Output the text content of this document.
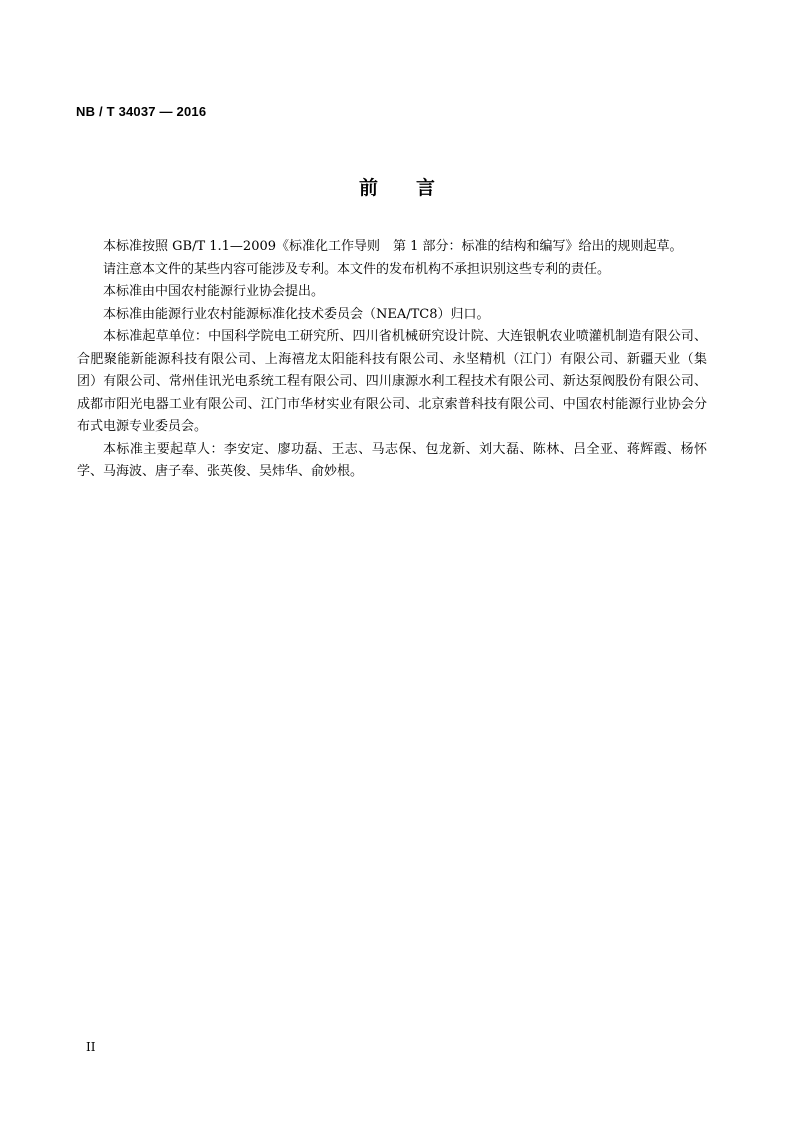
NB / T 34037 — 2016
前言

本标准按照 GB/T 1.1—2009《标准化工作导则　第 1 部分：标准的结构和编写》给出的规则起草。

请注意本文件的某些内容可能涉及专利。本文件的发布机构不承担识别这些专利的责任。

本标准由中国农村能源行业协会提出。

本标准由能源行业农村能源标准化技术委员会（NEA/TC8）归口。

本标准起草单位：中国科学院电工研究所、四川省机械研究设计院、大连银帆农业喷灌机制造有限公司、合肥聚能新能源科技有限公司、上海禧龙太阳能科技有限公司、永坚精机（江门）有限公司、新疆天业（集团）有限公司、常州佳讯光电系统工程有限公司、四川康源水利工程技术有限公司、新达泵阀股份有限公司、成都市阳光电器工业有限公司、江门市华材实业有限公司、北京索普科技有限公司、中国农村能源行业协会分布式电源专业委员会。

本标准主要起草人：李安定、廖功磊、王志、马志保、包龙新、刘大磊、陈林、吕全亚、蒋辉霞、杨怀学、马海波、唐子奉、张英俊、吴炜华、俞妙根。

II
